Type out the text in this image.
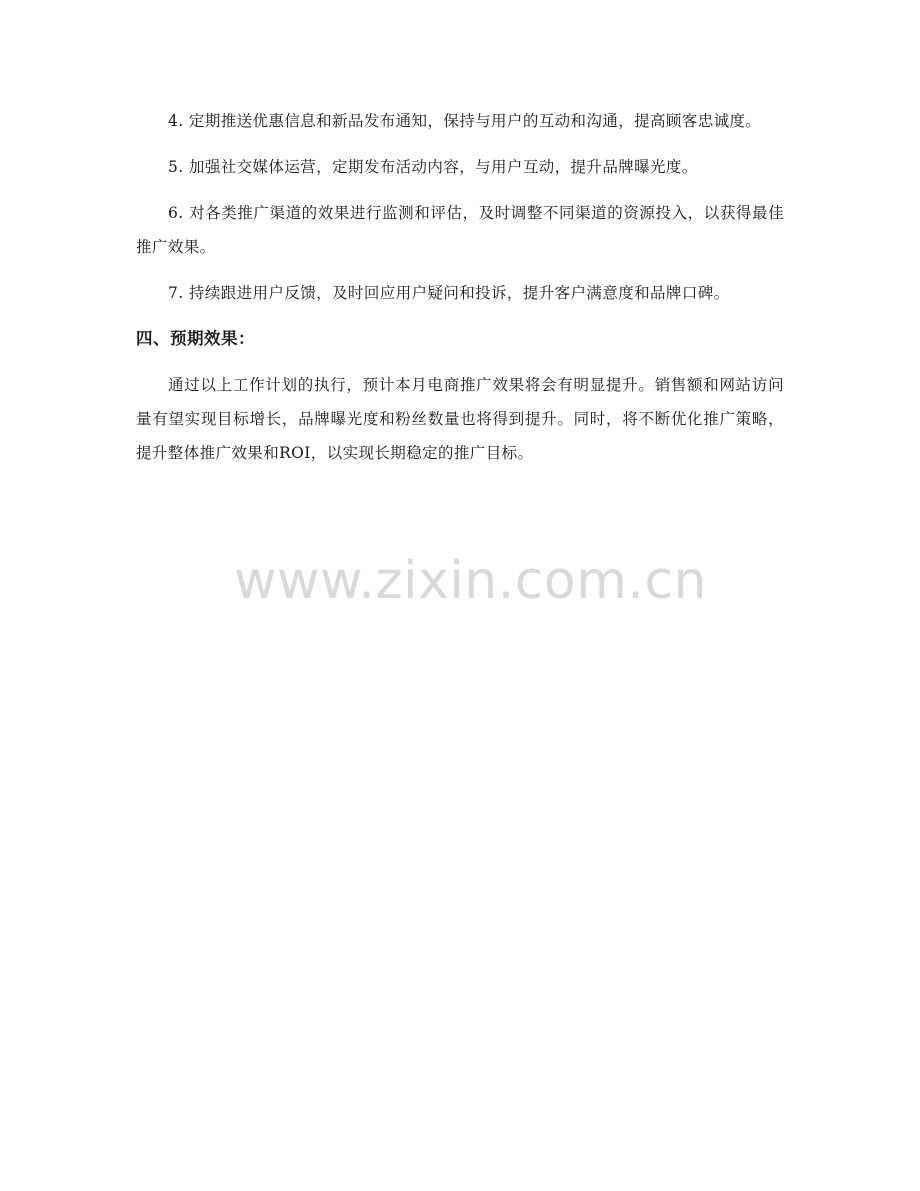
4. 定期推送优惠信息和新品发布通知，保持与用户的互动和沟通，提高顾客忠诚度。

5. 加强社交媒体运营，定期发布活动内容，与用户互动，提升品牌曝光度。

6. 对各类推广渠道的效果进行监测和评估，及时调整不同渠道的资源投入，以获得最佳推广效果。

7. 持续跟进用户反馈，及时回应用户疑问和投诉，提升客户满意度和品牌口碑。

四、预期效果：

通过以上工作计划的执行，预计本月电商推广效果将会有明显提升。销售额和网站访问量有望实现目标增长，品牌曝光度和粉丝数量也将得到提升。同时，将不断优化推广策略，提升整体推广效果和ROI，以实现长期稳定的推广目标。

www.zixin.com.cn
